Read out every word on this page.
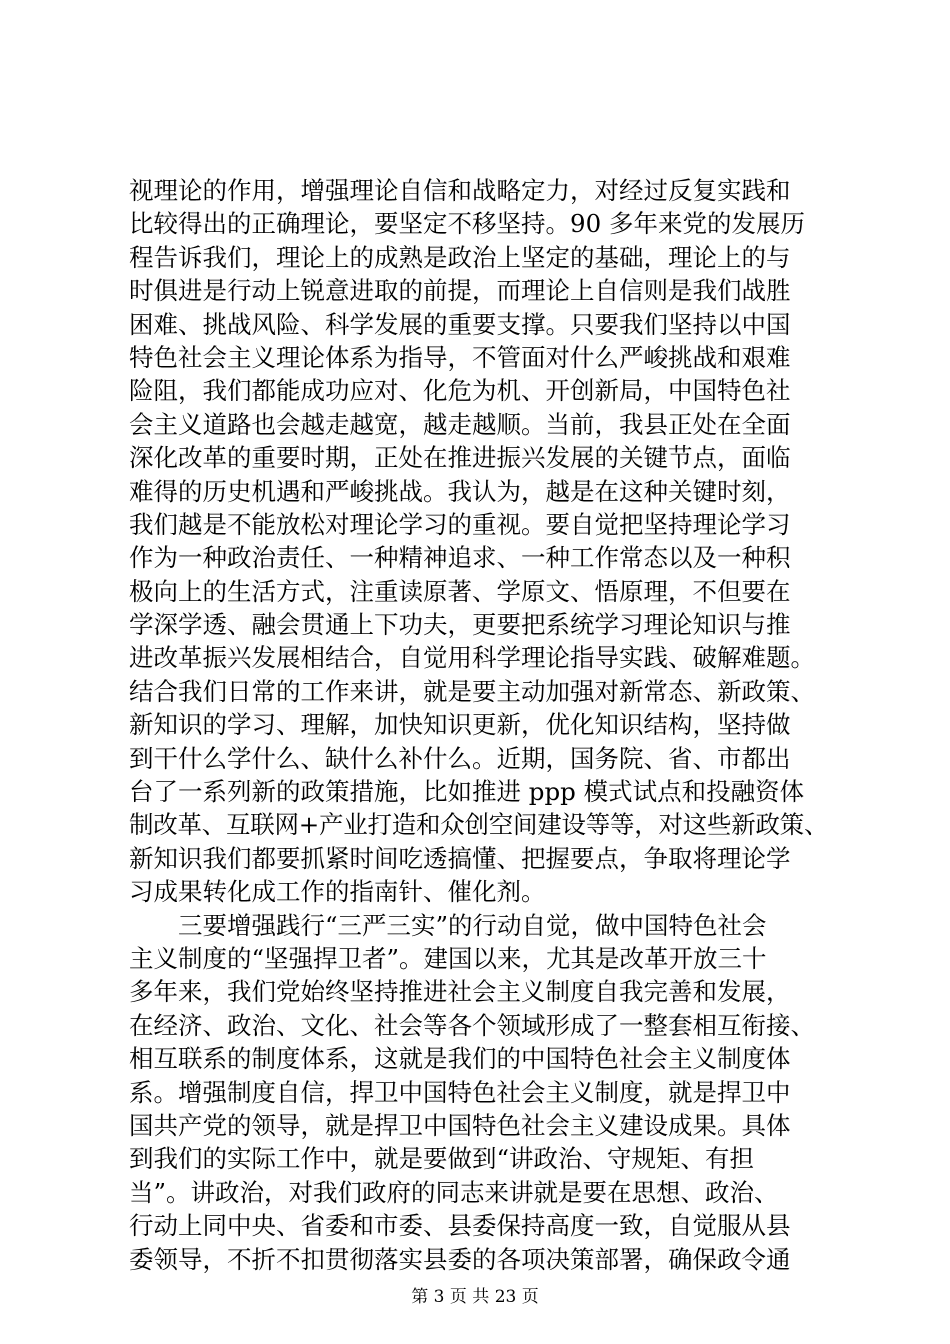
视理论的作用，增强理论自信和战略定力，对经过反复实践和
比较得出的正确理论，要坚定不移坚持。90 多年来党的发展历
程告诉我们，理论上的成熟是政治上坚定的基础，理论上的与
时俱进是行动上锐意进取的前提，而理论上自信则是我们战胜
困难、挑战风险、科学发展的重要支撑。只要我们坚持以中国
特色社会主义理论体系为指导，不管面对什么严峻挑战和艰难
险阻，我们都能成功应对、化危为机、开创新局，中国特色社
会主义道路也会越走越宽，越走越顺。当前，我县正处在全面
深化改革的重要时期，正处在推进振兴发展的关键节点，面临
难得的历史机遇和严峻挑战。我认为，越是在这种关键时刻，
我们越是不能放松对理论学习的重视。要自觉把坚持理论学习
作为一种政治责任、一种精神追求、一种工作常态以及一种积
极向上的生活方式，注重读原著、学原文、悟原理，不但要在
学深学透、融会贯通上下功夫，更要把系统学习理论知识与推
进改革振兴发展相结合，自觉用科学理论指导实践、破解难题。
结合我们日常的工作来讲，就是要主动加强对新常态、新政策、
新知识的学习、理解，加快知识更新，优化知识结构，坚持做
到干什么学什么、缺什么补什么。近期，国务院、省、市都出
台了一系列新的政策措施，比如推进 ppp 模式试点和投融资体
制改革、互联网+产业打造和众创空间建设等等，对这些新政策、
新知识我们都要抓紧时间吃透搞懂、把握要点，争取将理论学
习成果转化成工作的指南针、催化剂。
　　三要增强践行“三严三实”的行动自觉，做中国特色社会
主义制度的“坚强捍卫者”。建国以来，尤其是改革开放三十
多年来，我们党始终坚持推进社会主义制度自我完善和发展，
在经济、政治、文化、社会等各个领域形成了一整套相互衔接、
相互联系的制度体系，这就是我们的中国特色社会主义制度体
系。增强制度自信，捍卫中国特色社会主义制度，就是捍卫中
国共产党的领导，就是捍卫中国特色社会主义建设成果。具体
到我们的实际工作中，就是要做到“讲政治、守规矩、有担
当”。讲政治，对我们政府的同志来讲就是要在思想、政治、
行动上同中央、省委和市委、县委保持高度一致，自觉服从县
委领导，不折不扣贯彻落实县委的各项决策部署，确保政令通
第 3 页 共 23 页
